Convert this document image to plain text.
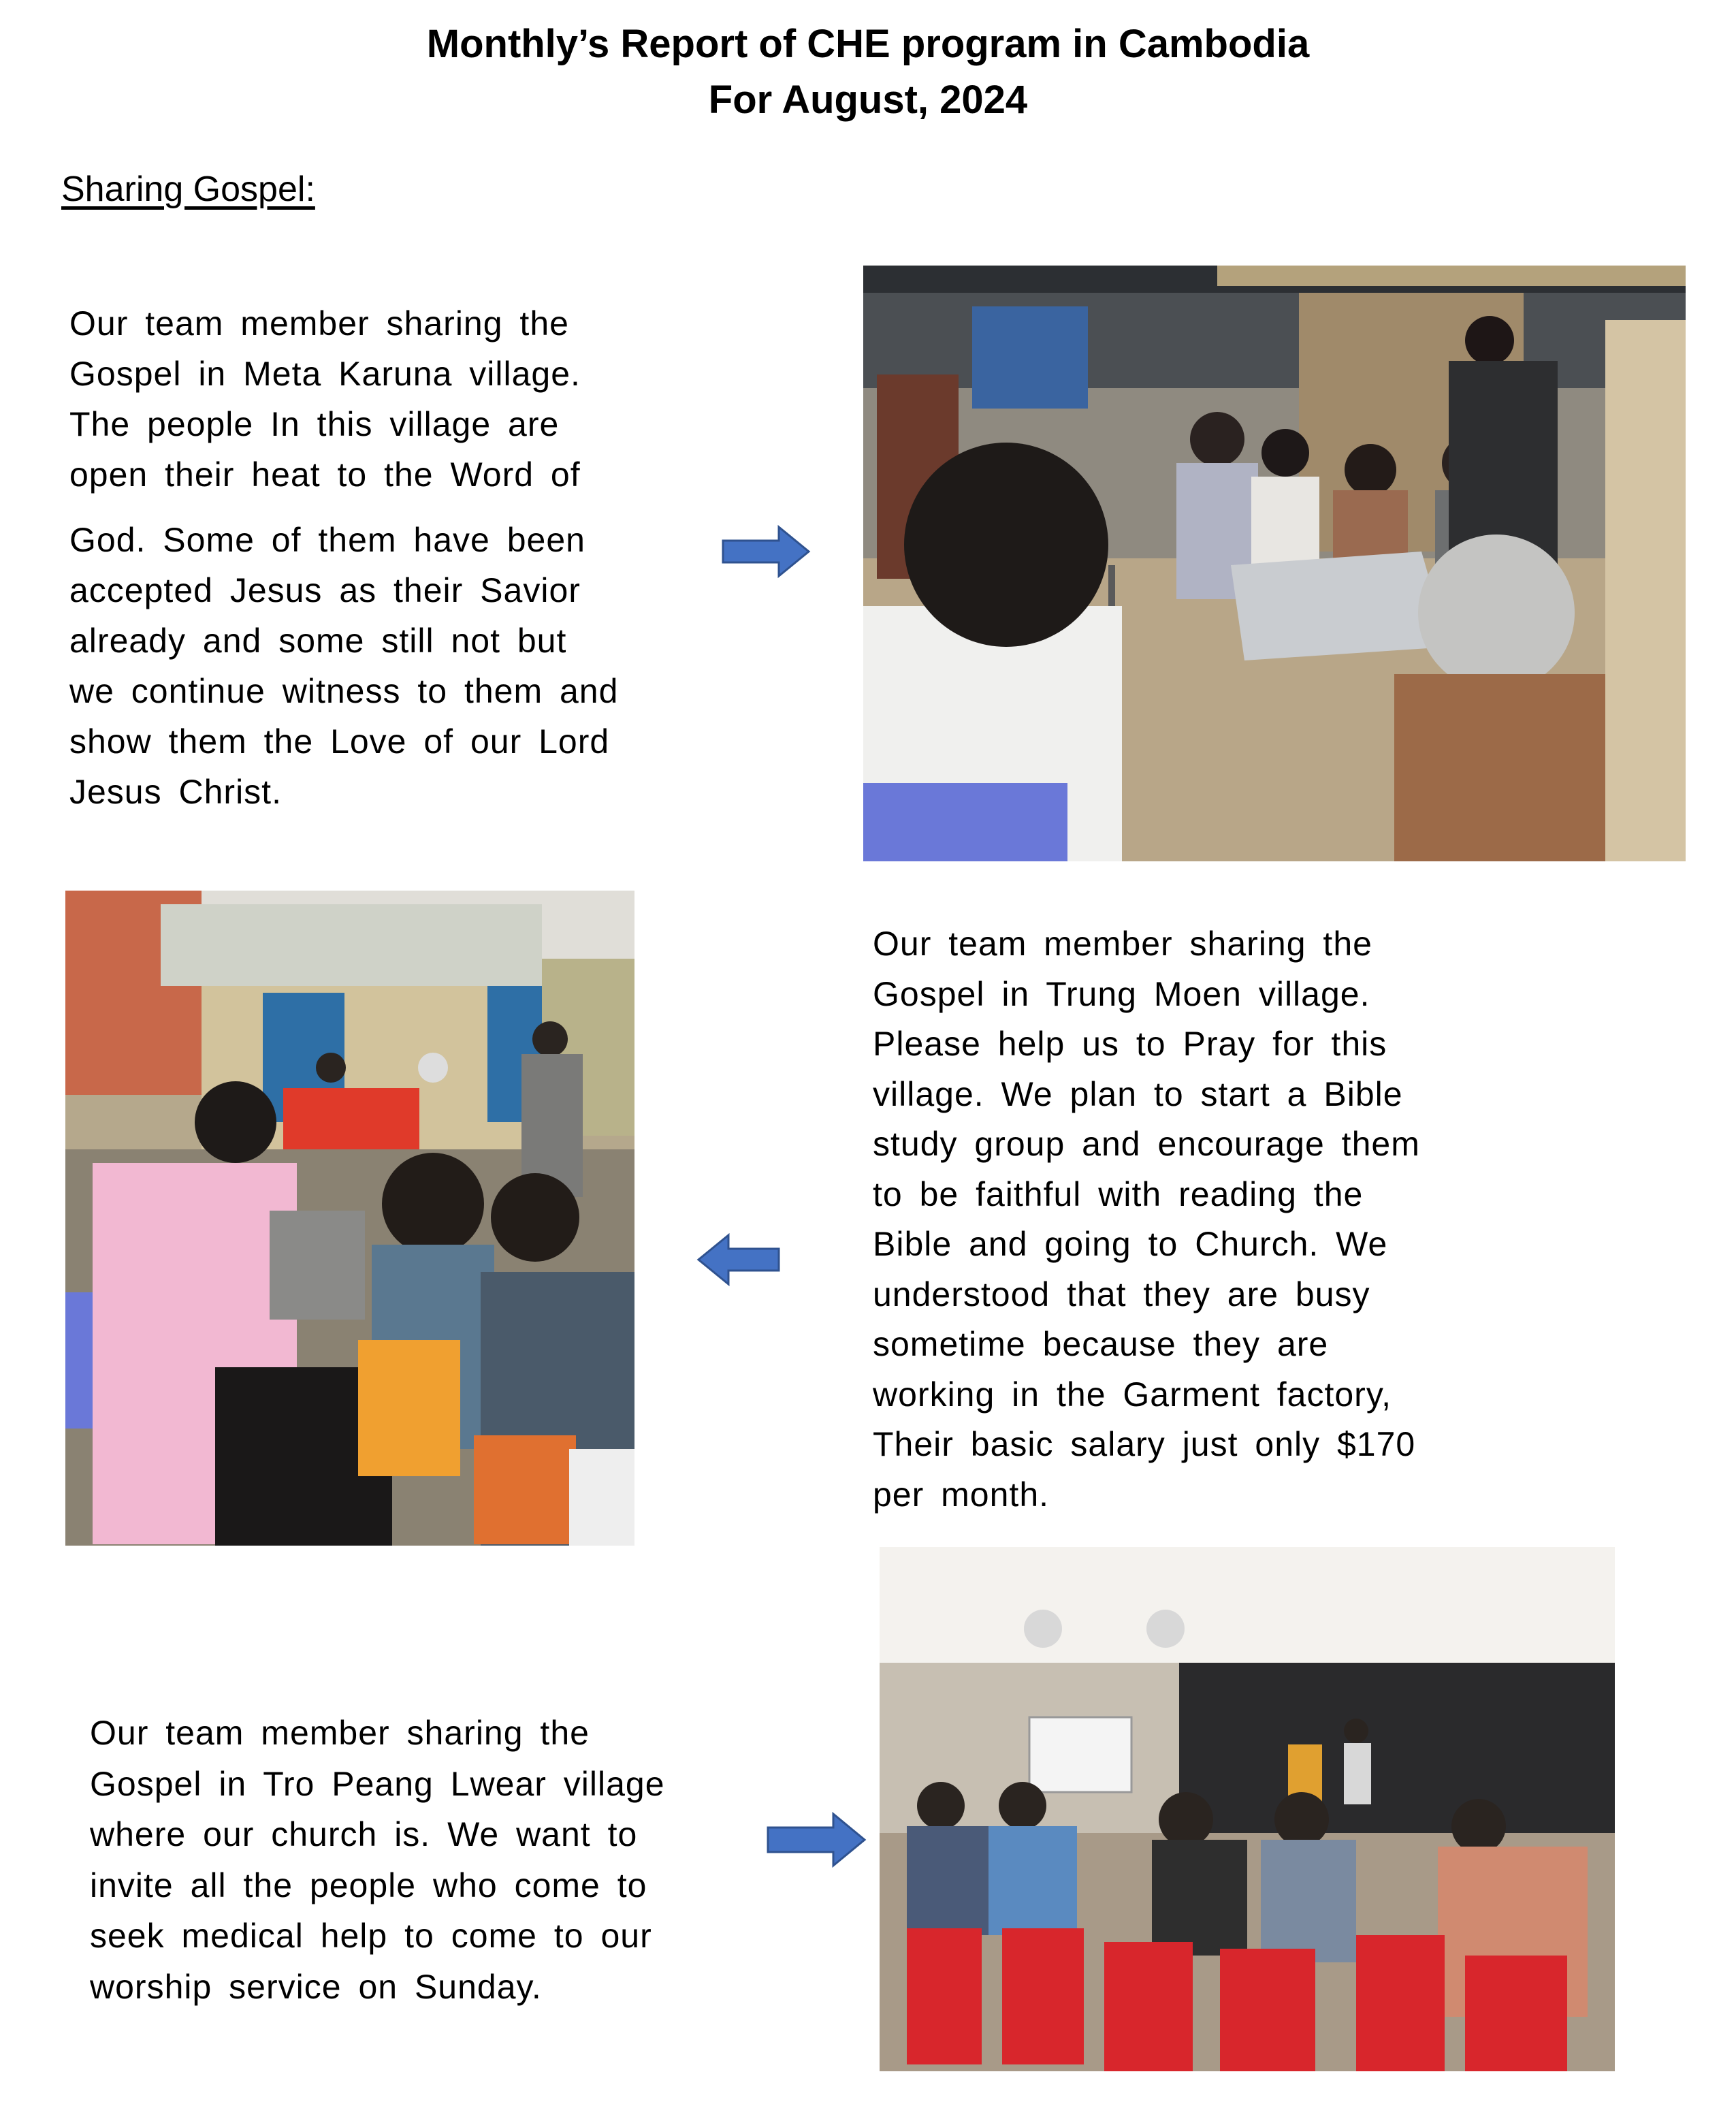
Monthly’s Report of CHE program in Cambodia
For August, 2024
Sharing Gospel:
Our team member sharing the
Gospel in Meta Karuna village.
The people In this village are
open their heat to the Word of
God. Some of them have been
accepted Jesus as their Savior
already and some still not but
we continue witness to them and
show them the Love of our Lord
Jesus Christ.
Our team member sharing the
Gospel in Trung Moen village.
Please help us to Pray for this
village. We plan to start a Bible
study group and encourage them
to be faithful with reading the
Bible and going to Church. We
understood that they are busy
sometime because they are
working in the Garment factory,
Their basic salary just only $170
per month.
Our team member sharing the
Gospel in Tro Peang Lwear village
where our church is. We want to
invite all the people who come to
seek medical help to come to our
worship service on Sunday.
